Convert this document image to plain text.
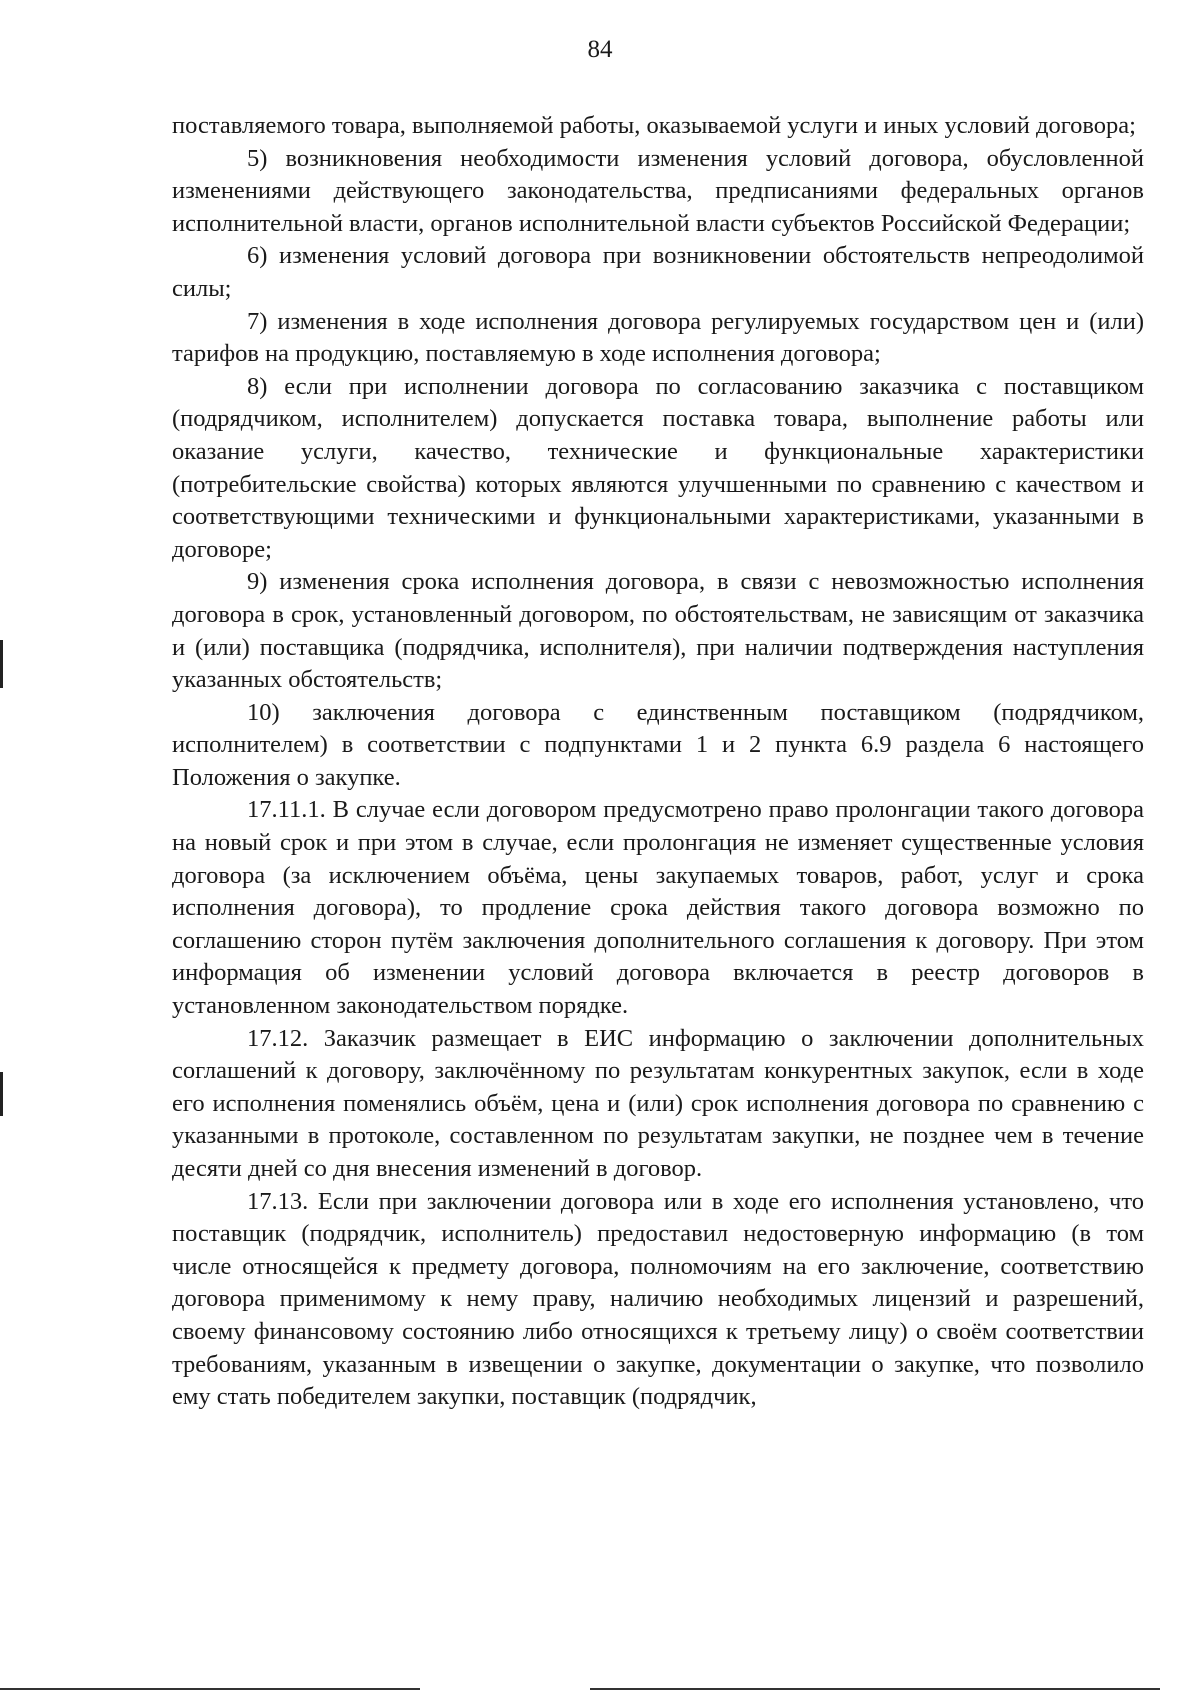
84

поставляемого товара, выполняемой работы, оказываемой услуги и иных условий договора;

5) возникновения необходимости изменения условий договора, обусловленной изменениями действующего законодательства, предписаниями федеральных органов исполнительной власти, органов исполнительной власти субъектов Российской Федерации;

6) изменения условий договора при возникновении обстоятельств непреодолимой силы;

7) изменения в ходе исполнения договора регулируемых государством цен и (или) тарифов на продукцию, поставляемую в ходе исполнения договора;

8) если при исполнении договора по согласованию заказчика с поставщиком (подрядчиком, исполнителем) допускается поставка товара, выполнение работы или оказание услуги, качество, технические и функциональные характеристики (потребительские свойства) которых являются улучшенными по сравнению с качеством и соответствующими техническими и функциональными характеристиками, указанными в договоре;

9) изменения срока исполнения договора, в связи с невозможностью исполнения договора в срок, установленный договором, по обстоятельствам, не зависящим от заказчика и (или) поставщика (подрядчика, исполнителя), при наличии подтверждения наступления указанных обстоятельств;

10) заключения договора с единственным поставщиком (подрядчиком, исполнителем) в соответствии с подпунктами 1 и 2 пункта 6.9 раздела 6 настоящего Положения о закупке.

17.11.1. В случае если договором предусмотрено право пролонгации такого договора на новый срок и при этом в случае, если пролонгация не изменяет существенные условия договора (за исключением объёма, цены закупаемых товаров, работ, услуг и срока исполнения договора), то продление срока действия такого договора возможно по соглашению сторон путём заключения дополнительного соглашения к договору. При этом информация об изменении условий договора включается в реестр договоров в установленном законодательством порядке.

17.12. Заказчик размещает в ЕИС информацию о заключении дополнительных соглашений к договору, заключённому по результатам конкурентных закупок, если в ходе его исполнения поменялись объём, цена и (или) срок исполнения договора по сравнению с указанными в протоколе, составленном по результатам закупки, не позднее чем в течение десяти дней со дня внесения изменений в договор.

17.13. Если при заключении договора или в ходе его исполнения установлено, что поставщик (подрядчик, исполнитель) предоставил недостоверную информацию (в том числе относящейся к предмету договора, полномочиям на его заключение, соответствию договора применимому к нему праву, наличию необходимых лицензий и разрешений, своему финансовому состоянию либо относящихся к третьему лицу) о своём соответствии требованиям, указанным в извещении о закупке, документации о закупке, что позволило ему стать победителем закупки, поставщик (подрядчик,
